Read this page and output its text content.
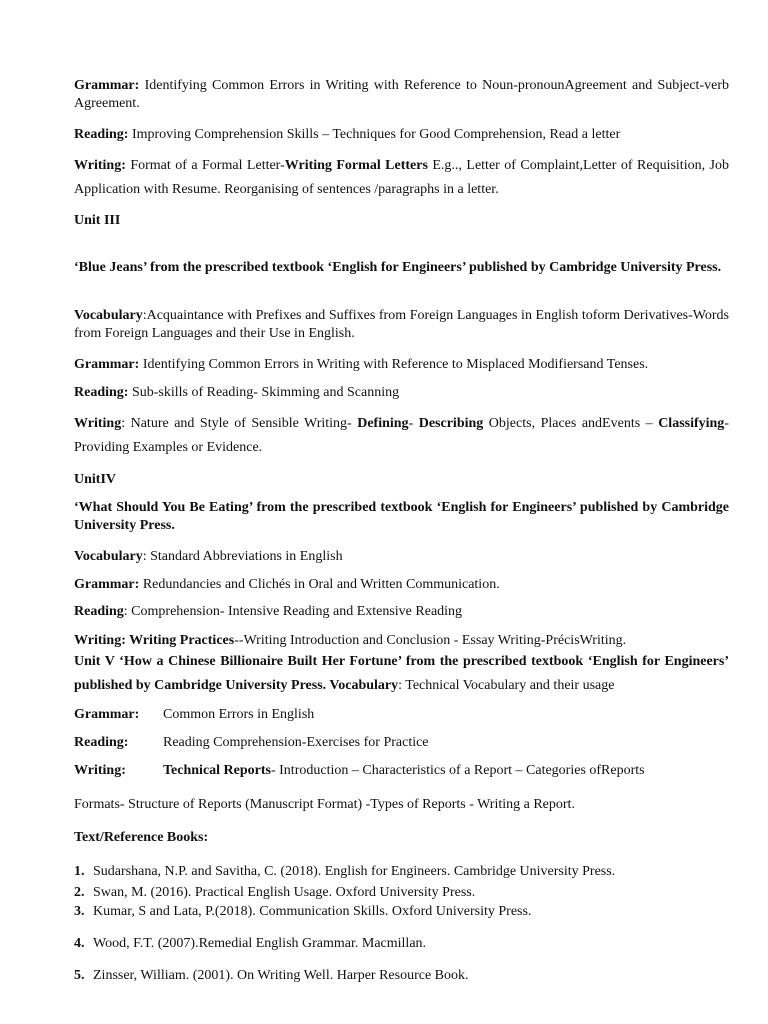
Grammar: Identifying Common Errors in Writing with Reference to Noun-pronounAgreement and Subject-verb Agreement.
Reading: Improving Comprehension Skills – Techniques for Good Comprehension, Read a letter
Writing: Format of a Formal Letter-Writing Formal Letters E.g.., Letter of Complaint,Letter of Requisition, Job Application with Resume. Reorganising of sentences /paragraphs in a letter.
Unit III
‘Blue Jeans’ from the prescribed textbook ‘English for Engineers’ published by Cambridge University Press.
Vocabulary:Acquaintance with Prefixes and Suffixes from Foreign Languages in English toform Derivatives-Words from Foreign Languages and their Use in English.
Grammar: Identifying Common Errors in Writing with Reference to Misplaced Modifiersand Tenses.
Reading: Sub-skills of Reading- Skimming and Scanning
Writing: Nature and Style of Sensible Writing- Defining- Describing Objects, Places andEvents – Classifying- Providing Examples or Evidence.
UnitIV
‘What Should You Be Eating’ from the prescribed textbook ‘English for Engineers’ published by Cambridge University Press.
Vocabulary: Standard Abbreviations in English
Grammar: Redundancies and Clichés in Oral and Written Communication.
Reading: Comprehension- Intensive Reading and Extensive Reading
Writing: Writing Practices--Writing Introduction and Conclusion - Essay Writing-PrécisWriting.
Unit V ‘How a Chinese Billionaire Built Her Fortune’ from the prescribed textbook ‘English for Engineers’ published by Cambridge University Press. Vocabulary: Technical Vocabulary and their usage
Grammar: Common Errors in English
Reading: Reading Comprehension-Exercises for Practice
Writing:	Technical Reports- Introduction – Characteristics of a Report – Categories ofReports
Formats- Structure of Reports (Manuscript Format) -Types of Reports - Writing a Report.
Text/Reference Books:
1. Sudarshana, N.P. and Savitha, C. (2018). English for Engineers. Cambridge University Press.
2. Swan, M. (2016). Practical English Usage. Oxford University Press.
3. Kumar, S and Lata, P.(2018). Communication Skills. Oxford University Press.
4. Wood, F.T. (2007).Remedial English Grammar. Macmillan.
5. Zinsser, William. (2001). On Writing Well. Harper Resource Book.
